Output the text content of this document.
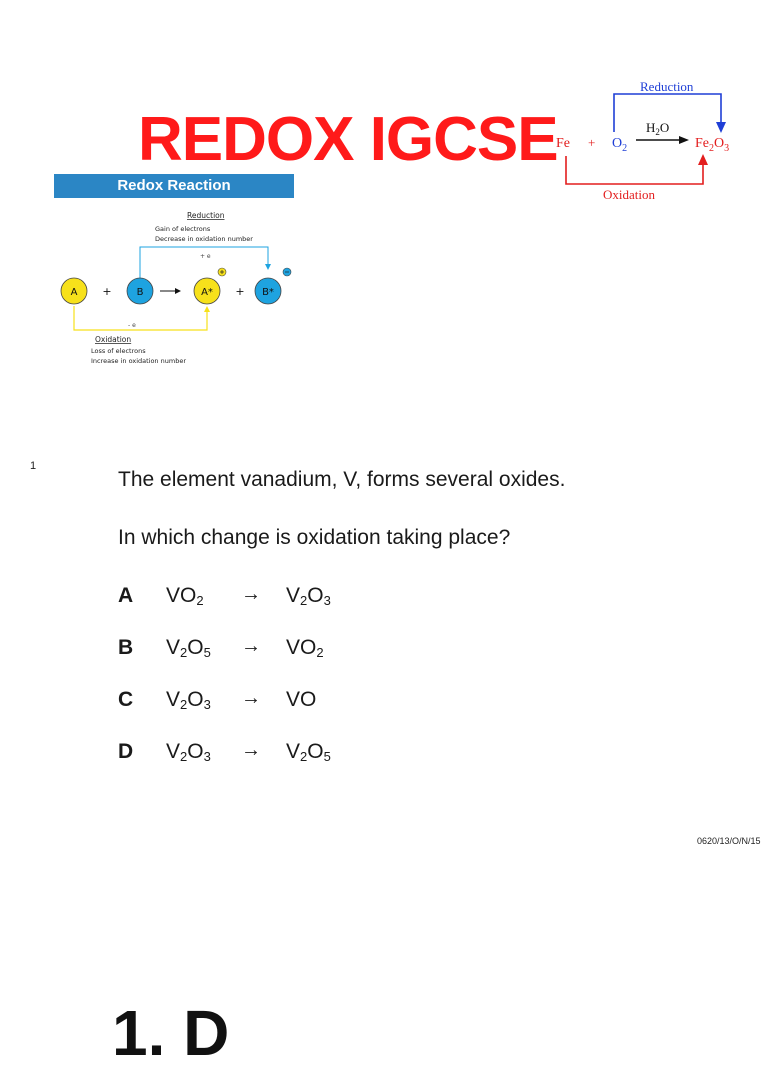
REDOX IGCSE
Reduction
$Fe + O_2$
$H_2O$
$Fe_2O_3$
Oxidation
Redox Reaction
Reduction
Gain of electrons
Decrease in oxidation number
+ e
A + B	A* + B*
- e
Oxidation
Loss of electrons
Increase in oxidation number
1
The element vanadium, V, forms several oxides.
In which change is oxidation taking place?
A $VO_2 \to V_2O_3$
B $V_2O_5 \to VO_2$
C $V_2O_3$ → VO
D $V_2O_3 \to V_2O_5$
0620/13/O/N/15
1. D
